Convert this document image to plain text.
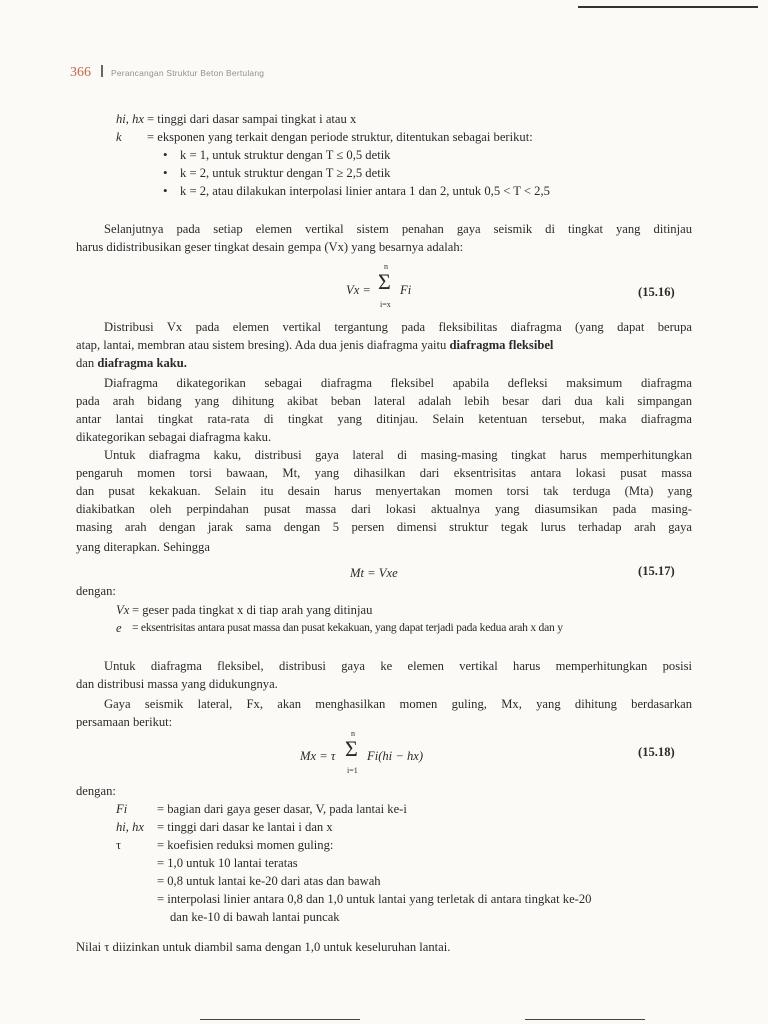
366 Perancangan Struktur Beton Bertulang
hi, hx = tinggi dari dasar sampai tingkat i atau x
k = eksponen yang terkait dengan periode struktur, ditentukan sebagai berikut:
• k = 1, untuk struktur dengan T ≤ 0,5 detik
• k = 2, untuk struktur dengan T ≥ 2,5 detik
• k = 2, atau dilakukan interpolasi linier antara 1 dan 2, untuk 0,5 < T < 2,5
Selanjutnya pada setiap elemen vertikal sistem penahan gaya seismik di tingkat yang ditinjau
harus didistribusikan geser tingkat desain gempa (Vx) yang besarnya adalah:
Vx =
n
Σ
i=x
Fi	(15.16)
Distribusi Vx pada elemen vertikal tergantung pada fleksibilitas diafragma (yang dapat berupa
atap, lantai, membran atau sistem bresing). Ada dua jenis diafragma yaitu diafragma fleksibel
dan diafragma kaku.
Diafragma dikategorikan sebagai diafragma fleksibel apabila defleksi maksimum diafragma
pada arah bidang yang dihitung akibat beban lateral adalah lebih besar dari dua kali simpangan
antar lantai tingkat rata-rata di tingkat yang ditinjau. Selain ketentuan tersebut, maka diafragma
dikategorikan sebagai diafragma kaku.
Untuk diafragma kaku, distribusi gaya lateral di masing-masing tingkat harus memperhitungkan
pengaruh momen torsi bawaan, Mt, yang dihasilkan dari eksentrisitas antara lokasi pusat massa
dan pusat kekakuan. Selain itu desain harus menyertakan momen torsi tak terduga (Mta) yang
diakibatkan oleh perpindahan pusat massa dari lokasi aktualnya yang diasumsikan pada masing-
masing arah dengan jarak sama dengan 5 persen dimensi struktur tegak lurus terhadap arah gaya
yang diterapkan. Sehingga
Mt = Vxe	(15.17)
dengan:
Vx = geser pada tingkat x di tiap arah yang ditinjau
e = eksentrisitas antara pusat massa dan pusat kekakuan, yang dapat terjadi pada kedua arah x dan y
Untuk diafragma fleksibel, distribusi gaya ke elemen vertikal harus memperhitungkan posisi
dan distribusi massa yang didukungnya.
Gaya seismik lateral, Fx, akan menghasilkan momen guling, Mx, yang dihitung berdasarkan
persamaan berikut:
Mx = τ
n
Σ
i=1
Fi(hi − hx)	(15.18)
dengan:
Fi = bagian dari gaya geser dasar, V, pada lantai ke-i
hi, hx = tinggi dari dasar ke lantai i dan x
τ	= koefisien reduksi momen guling:
= 1,0 untuk 10 lantai teratas
= 0,8 untuk lantai ke-20 dari atas dan bawah
= interpolasi linier antara 0,8 dan 1,0 untuk lantai yang terletak di antara tingkat ke-20
dan ke-10 di bawah lantai puncak
Nilai τ diizinkan untuk diambil sama dengan 1,0 untuk keseluruhan lantai.
